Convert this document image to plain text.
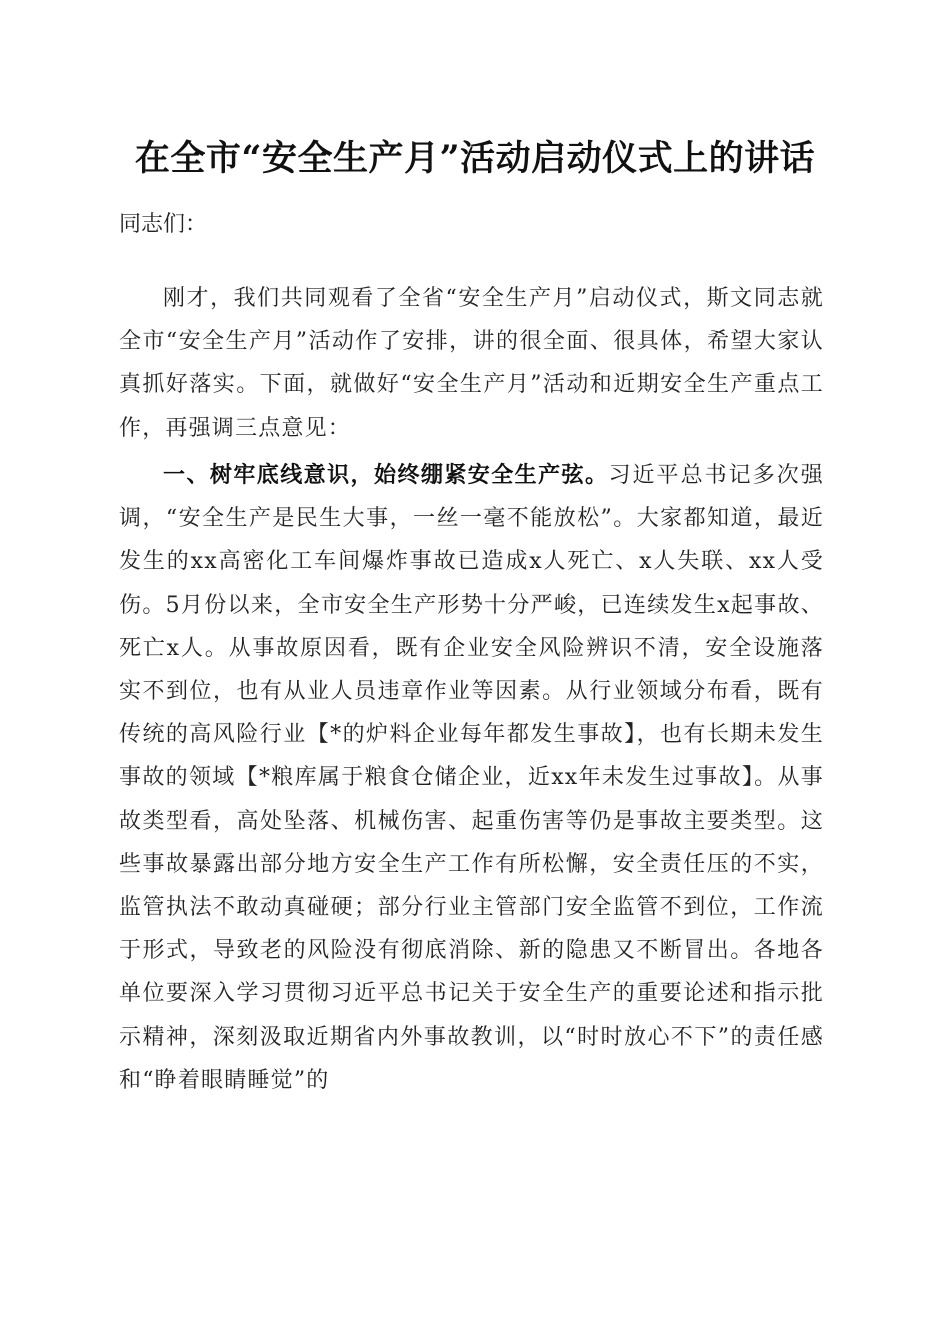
在全市“安全生产月”活动启动仪式上的讲话
同志们：

刚才，我们共同观看了全省“安全生产月”启动仪式，斯文同志就全市“安全生产月”活动作了安排，讲的很全面、很具体，希望大家认真抓好落实。下面，就做好“安全生产月”活动和近期安全生产重点工作，再强调三点意见：

一、树牢底线意识，始终绷紧安全生产弦。习近平总书记多次强调，“安全生产是民生大事，一丝一毫不能放松”。大家都知道，最近发生的xx高密化工车间爆炸事故已造成x人死亡、x人失联、xx人受伤。5月份以来，全市安全生产形势十分严峻，已连续发生x起事故、死亡x人。从事故原因看，既有企业安全风险辨识不清，安全设施落实不到位，也有从业人员违章作业等因素。从行业领域分布看，既有传统的高风险行业【*的炉料企业每年都发生事故】，也有长期未发生事故的领域【*粮库属于粮食仓储企业，近xx年未发生过事故】。从事故类型看，高处坠落、机械伤害、起重伤害等仍是事故主要类型。这些事故暴露出部分地方安全生产工作有所松懈，安全责任压的不实，监管执法不敢动真碰硬；部分行业主管部门安全监管不到位，工作流于形式，导致老的风险没有彻底消除、新的隐患又不断冒出。各地各单位要深入学习贯彻习近平总书记关于安全生产的重要论述和指示批示精神，深刻汲取近期省内外事故教训，以“时时放心不下”的责任感和“睁着眼睛睡觉”的
